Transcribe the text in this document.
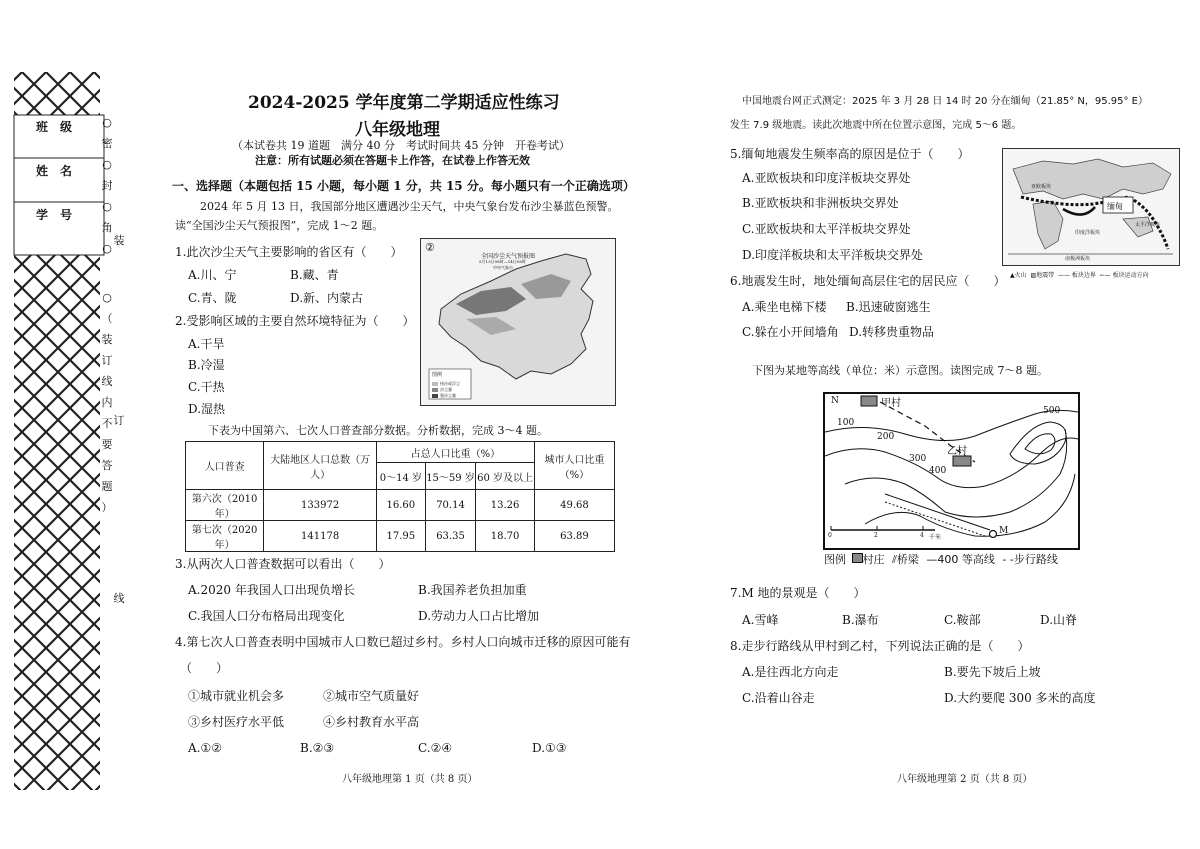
班　级
姓　名
学　号
○
密
○
封
○
角
○
○
（
装
订
线
内
不
要
答
题
）
装
订
线
2024-2025 学年度第二学期适应性练习
八年级地理
（本试卷共 19 道题　满分 40 分　考试时间共 45 分钟　开卷考试）
注意：所有试题必须在答题卡上作答，在试卷上作答无效
一、选择题（本题包括 15 小题，每小题 1 分，共 15 分。每小题只有一个正确选项）
2024 年 5 月 13 日，我国部分地区遭遇沙尘天气，中央气象台发布沙尘暴蓝色预警。
读“全国沙尘天气预报图”，完成 1～2 题。
1.此次沙尘天气主要影响的省区有（　　）
A.川、宁	B.藏、青
C.青、陇	D.新、内蒙古
2.受影响区域的主要自然环境特征为（　　）
A.干旱
B.冷湿
C.干热
D.湿热
②
全国沙尘天气预报图
5月13日08时—14日08时
中央气象台
图例
扬沙或浮尘
沙尘暴
强沙尘暴
下表为中国第六、七次人口普查部分数据。分析数据，完成 3～4 题。
人口普查	大陆地区人口总数（万人）	占总人口比重（%）			城市人口比重（%）
		0～14 岁	15～59 岁	60 岁及以上	
第六次（2010 年）	133972	16.60	70.14	13.26	49.68
第七次（2020 年）	141178	17.95	63.35	18.70	63.89
3.从两次人口普查数据可以看出（　　）
A.2020 年我国人口出现负增长	B.我国养老负担加重
C.我国人口分布格局出现变化	D.劳动力人口占比增加
4.第七次人口普查表明中国城市人口数已超过乡村。乡村人口向城市迁移的原因可能有
（　　）
①城市就业机会多	②城市空气质量好
③乡村医疗水平低	④乡村教育水平高
A.①②	B.②③	C.②④	D.①③
八年级地理第 1 页（共 8 页）
中国地震台网正式测定：2025 年 3 月 28 日 14 时 20 分在缅甸（21.85° N，95.95° E）
发生 7.9 级地震。读此次地震中所在位置示意图，完成 5～6 题。
5.缅甸地震发生频率高的原因是位于（　　）
A.亚欧板块和印度洋板块交界处
B.亚欧板块和非洲板块交界处
C.亚欧板块和太平洋板块交界处
D.印度洋板块和太平洋板块交界处
亚欧板块
缅甸
太平洋板块
印度洋板块
南极洲板块
▲火山 ▨地震带 —— 板块边界 ←— 板块运动方向
6.地震发生时，地处缅甸高层住宅的居民应（　　）
A.乘坐电梯下楼 B.迅速破窗逃生
C.躲在小开间墙角 D.转移贵重物品
下图为某地等高线（单位：米）示意图。读图完成 7～8 题。
N	甲村
乙村
100
200
300
400
500
M
0	2	4 千米
图例 村庄 ⫽桥梁 —400 等高线 - -步行路线
7.M 地的景观是（　　）
A.雪峰	B.瀑布	C.鞍部	D.山脊
8.走步行路线从甲村到乙村，下列说法正确的是（　　）
A.是往西北方向走	B.要先下坡后上坡
C.沿着山谷走	D.大约要爬 300 多米的高度
八年级地理第 2 页（共 8 页）
